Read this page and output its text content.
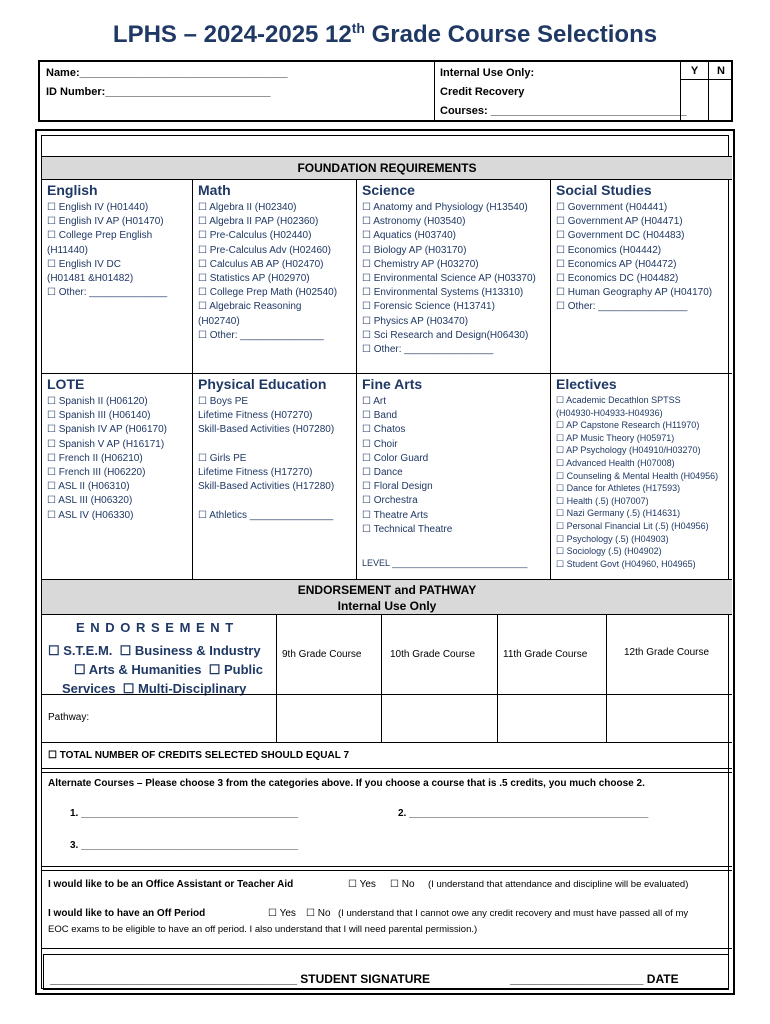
LPHS – 2024-2025 12th Grade Course Selections
Name:__________________________________
ID Number:___________________________
Internal Use Only:
Credit Recovery
Courses: ________________________________
Y	N
FOUNDATION REQUIREMENTS
English
☐ English IV (H01440)
☐ English IV AP (H01470)
☐ College Prep English
(H11440)
☐ English IV DC
(H01481 &H01482)
☐ Other: ______________
Math
☐ Algebra II (H02340)
☐ Algebra II PAP (H02360)
☐ Pre-Calculus (H02440)
☐ Pre-Calculus Adv (H02460)
☐ Calculus AB AP (H02470)
☐ Statistics AP (H02970)
☐ College Prep Math (H02540)
☐ Algebraic Reasoning
(H02740)
☐ Other: _______________
Science
☐ Anatomy and Physiology (H13540)
☐ Astronomy (H03540)
☐ Aquatics (H03740)
☐ Biology AP (H03170)
☐ Chemistry AP (H03270)
☐ Environmental Science AP (H03370)
☐ Environmental Systems (H13310)
☐ Forensic Science (H13741)
☐ Physics AP (H03470)
☐ Sci Research and Design(H06430)
☐ Other: ________________
Social Studies
☐ Government (H04441)
☐ Government AP (H04471)
☐ Government DC (H04483)
☐ Economics (H04442)
☐ Economics AP (H04472)
☐ Economics DC (H04482)
☐ Human Geography AP (H04170)
☐ Other: ________________
LOTE
☐ Spanish II (H06120)
☐ Spanish III (H06140)
☐ Spanish IV AP (H06170)
☐ Spanish V AP (H16171)
☐ French II (H06210)
☐ French III (H06220)
☐ ASL II (H06310)
☐ ASL III (H06320)
☐ ASL IV (H06330)
Physical Education
☐ Boys PE
Lifetime Fitness (H07270)
Skill-Based Activities (H07280)

☐ Girls PE
Lifetime Fitness (H17270)
Skill-Based Activities (H17280)

☐ Athletics _______________
Fine Arts
☐ Art
☐ Band
☐ Chatos
☐ Choir
☐ Color Guard
☐ Dance
☐ Floral Design
☐ Orchestra
☐ Theatre Arts
☐ Technical Theatre
LEVEL ___________________________
Electives
☐ Academic Decathlon SPTSS
(H04930-H04933-H04936)
☐ AP Capstone Research (H11970)
☐ AP Music Theory (H05971)
☐ AP Psychology (H04910/H03270)
☐ Advanced Health (H07008)
☐ Counseling & Mental Health (H04956)
☐ Dance for Athletes (H17593)
☐ Health (.5) (H07007)
☐ Nazi Germany (.5) (H14631)
☐ Personal Financial Lit (.5) (H04956)
☐ Psychology (.5) (H04903)
☐ Sociology (.5) (H04902)
☐ Student Govt (H04960, H04965)
ENDORSEMENT and PATHWAY
Internal Use Only
E N D O R S E M E N T
☐ S.T.E.M. ☐ Business & Industry
☐ Arts & Humanities ☐ Public
Services ☐ Multi-Disciplinary
9th Grade Course	10th Grade Course	11th Grade Course	12th Grade Course
Pathway:
☐ TOTAL NUMBER OF CREDITS SELECTED SHOULD EQUAL 7
Alternate Courses – Please choose 3 from the categories above. If you choose a course that is .5 credits, you much choose 2.
1. _______________________________________	2. ___________________________________________
3. _______________________________________
I would like to be an Office Assistant or Teacher Aid	☐ Yes ☐ No (I understand that attendance and discipline will be evaluated)
I would like to have an Off Period	☐ Yes ☐ No (I understand that I cannot owe any credit recovery and must have passed all of my
EOC exams to be eligible to have an off period. I also understand that I will need parental permission.)
_____________________________________ STUDENT SIGNATURE	____________________ DATE
